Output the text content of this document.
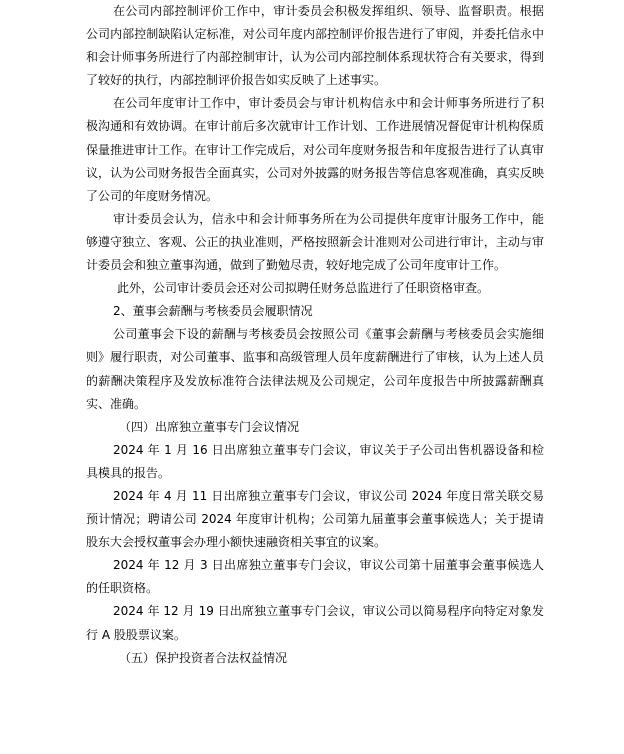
在公司内部控制评价工作中，审计委员会积极发挥组织、领导、监督职责。根据公司内部控制缺陷认定标准，对公司年度内部控制评价报告进行了审阅，并委托信永中和会计师事务所进行了内部控制审计，认为公司内部控制体系现状符合有关要求，得到了较好的执行，内部控制评价报告如实反映了上述事实。

在公司年度审计工作中，审计委员会与审计机构信永中和会计师事务所进行了积极沟通和有效协调。在审计前后多次就审计工作计划、工作进展情况督促审计机构保质保量推进审计工作。在审计工作完成后，对公司年度财务报告和年度报告进行了认真审议，认为公司财务报告全面真实，公司对外披露的财务报告等信息客观准确，真实反映了公司的年度财务情况。

审计委员会认为，信永中和会计师事务所在为公司提供年度审计服务工作中，能够遵守独立、客观、公正的执业准则，严格按照新会计准则对公司进行审计，主动与审计委员会和独立董事沟通，做到了勤勉尽责，较好地完成了公司年度审计工作。

此外，公司审计委员会还对公司拟聘任财务总监进行了任职资格审查。

2、董事会薪酬与考核委员会履职情况

公司董事会下设的薪酬与考核委员会按照公司《董事会薪酬与考核委员会实施细则》履行职责，对公司董事、监事和高级管理人员年度薪酬进行了审核，认为上述人员的薪酬决策程序及发放标准符合法律法规及公司规定，公司年度报告中所披露薪酬真实、准确。

（四）出席独立董事专门会议情况

2024 年 1 月 16 日出席独立董事专门会议，审议关于子公司出售机器设备和检具模具的报告。

2024 年 4 月 11 日出席独立董事专门会议，审议公司 2024 年度日常关联交易预计情况；聘请公司 2024 年度审计机构；公司第九届董事会董事候选人；关于提请股东大会授权董事会办理小额快速融资相关事宜的议案。

2024 年 12 月 3 日出席独立董事专门会议，审议公司第十届董事会董事候选人的任职资格。

2024 年 12 月 19 日出席独立董事专门会议，审议公司以简易程序向特定对象发行 A 股股票议案。

（五）保护投资者合法权益情况
